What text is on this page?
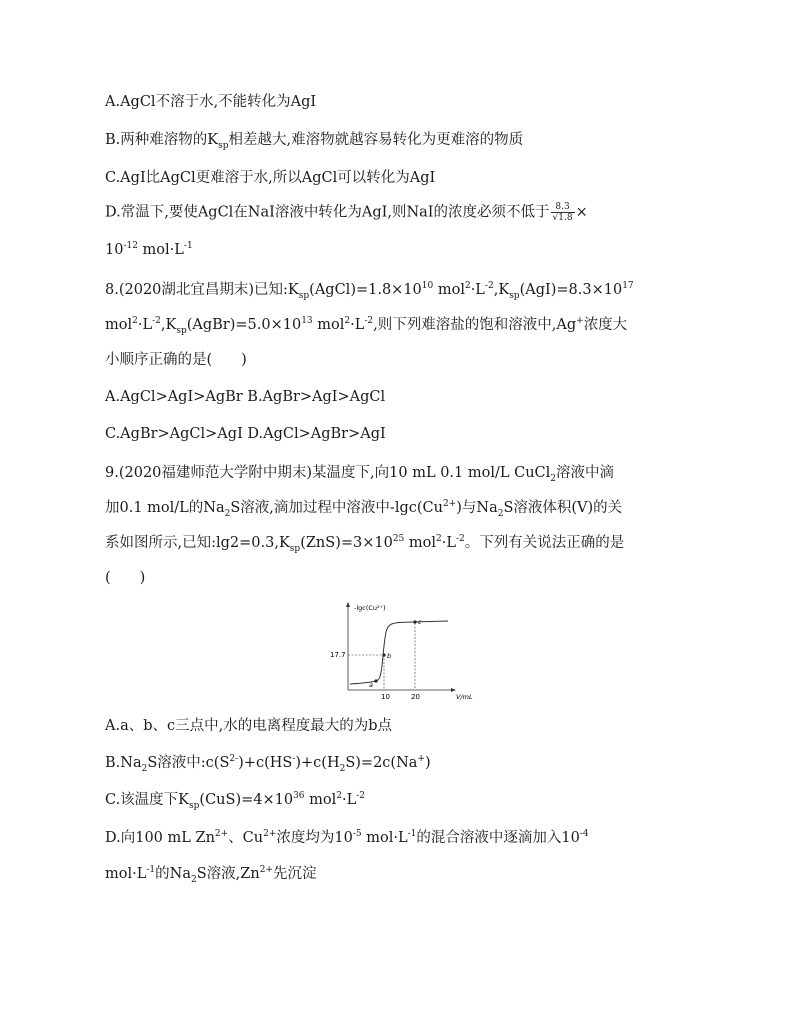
A.AgCl不溶于水,不能转化为AgI
B.两种难溶物的$K_{sp}$相差越大,难溶物就越容易转化为更难溶的物质
C.AgI比AgCl更难溶于水,所以AgCl可以转化为AgI
D.常温下,要使AgCl在NaI溶液中转化为AgI,则NaI的浓度必须不低于 $\frac{8.3}{√1.8}$ ×
$10^{-12}$ $mol\cdot L^{-1}$
8.(2020湖北宜昌期末)已知$:K_{sp}(AgCl)=1.8\times 10^{10}$ $mol^2\cdot L^{-2},K_{sp}(AgI)=8.3\times 10^{17}$
$mol^2\cdot L^{-2},K_{sp}(AgBr)=5.0\times 10^{13}$ $mol^2\cdot L^{-2}$,则下列难溶盐的饱和溶液中,Ag+浓度大
小顺序正确的是(　　)
A.AgCl>AgI>AgBr B.AgBr>AgI>AgCl
C.AgBr>AgCl>AgI D.AgCl>AgBr>AgI
9.(2020福建师范大学附中期末)某温度下,向10 mL 0.1 mol/L CuCl$_2$溶液中滴
加0.1 mol/L的$Na_2S$溶液,滴加过程中溶液中$-\lg c(Cu^{2+})$与$Na_2S$溶液体积(V)的关
系如图所示,已知$:\lg 2=0.3,K_{sp}(ZnS)=3\times 10^{25}$ $mol^2\cdot L^{-2}$。下列有关说法正确的是
(　　)
-lgc(Cu²⁺)
V/mL
17.7
10	20
a
b
c
A.a、b、c三点中,水的电离程度最大的为b点
$B.Na_2S$溶液中$:c(S^{2-})+c(HS^-)+c(H_2S)=2c(Na^+)$
C.该温度下$K_{sp}(CuS)=4\times 10^{36}$ $mol^2\cdot L^{-2}$
D.向100 mL $Zn^{2+}$、$Cu^{2+}$浓度均为$10^{-5}$ $mol\cdot L^{-1}$的混合溶液中逐滴加入$10^{-4}$
$mol\cdot L^{-1}$的$Na_2S$溶液$,Zn^{2+}$先沉淀
